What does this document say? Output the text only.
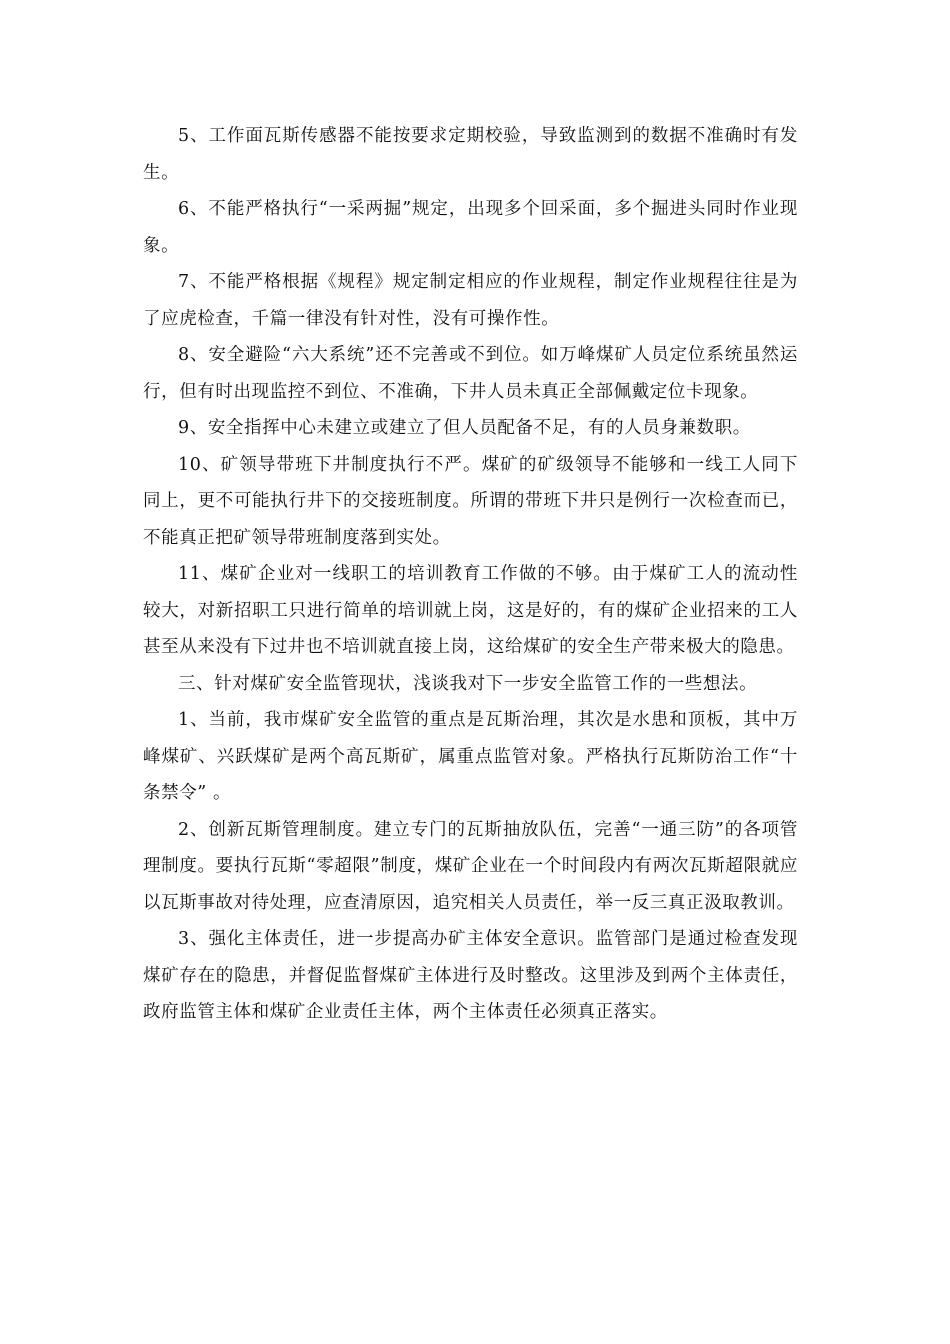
5、工作面瓦斯传感器不能按要求定期校验，导致监测到的数据不准确时有发生。

6、不能严格执行“一采两掘”规定，出现多个回采面，多个掘进头同时作业现象。

7、不能严格根据《规程》规定制定相应的作业规程，制定作业规程往往是为了应虎检查，千篇一律没有针对性，没有可操作性。

8、安全避险“六大系统”还不完善或不到位。如万峰煤矿人员定位系统虽然运行，但有时出现监控不到位、不准确，下井人员未真正全部佩戴定位卡现象。

9、安全指挥中心未建立或建立了但人员配备不足，有的人员身兼数职。

10、矿领导带班下井制度执行不严。煤矿的矿级领导不能够和一线工人同下同上，更不可能执行井下的交接班制度。所谓的带班下井只是例行一次检查而已，不能真正把矿领导带班制度落到实处。

11、煤矿企业对一线职工的培训教育工作做的不够。由于煤矿工人的流动性较大，对新招职工只进行简单的培训就上岗，这是好的，有的煤矿企业招来的工人甚至从来没有下过井也不培训就直接上岗，这给煤矿的安全生产带来极大的隐患。

三、针对煤矿安全监管现状，浅谈我对下一步安全监管工作的一些想法。

1、当前，我市煤矿安全监管的重点是瓦斯治理，其次是水患和顶板，其中万峰煤矿、兴跃煤矿是两个高瓦斯矿，属重点监管对象。严格执行瓦斯防治工作“十条禁令” 。

2、创新瓦斯管理制度。建立专门的瓦斯抽放队伍，完善“一通三防”的各项管理制度。要执行瓦斯“零超限”制度，煤矿企业在一个时间段内有两次瓦斯超限就应以瓦斯事故对待处理，应查清原因，追究相关人员责任，举一反三真正汲取教训。

3、强化主体责任，进一步提高办矿主体安全意识。监管部门是通过检查发现煤矿存在的隐患，并督促监督煤矿主体进行及时整改。这里涉及到两个主体责任，政府监管主体和煤矿企业责任主体，两个主体责任必须真正落实。
